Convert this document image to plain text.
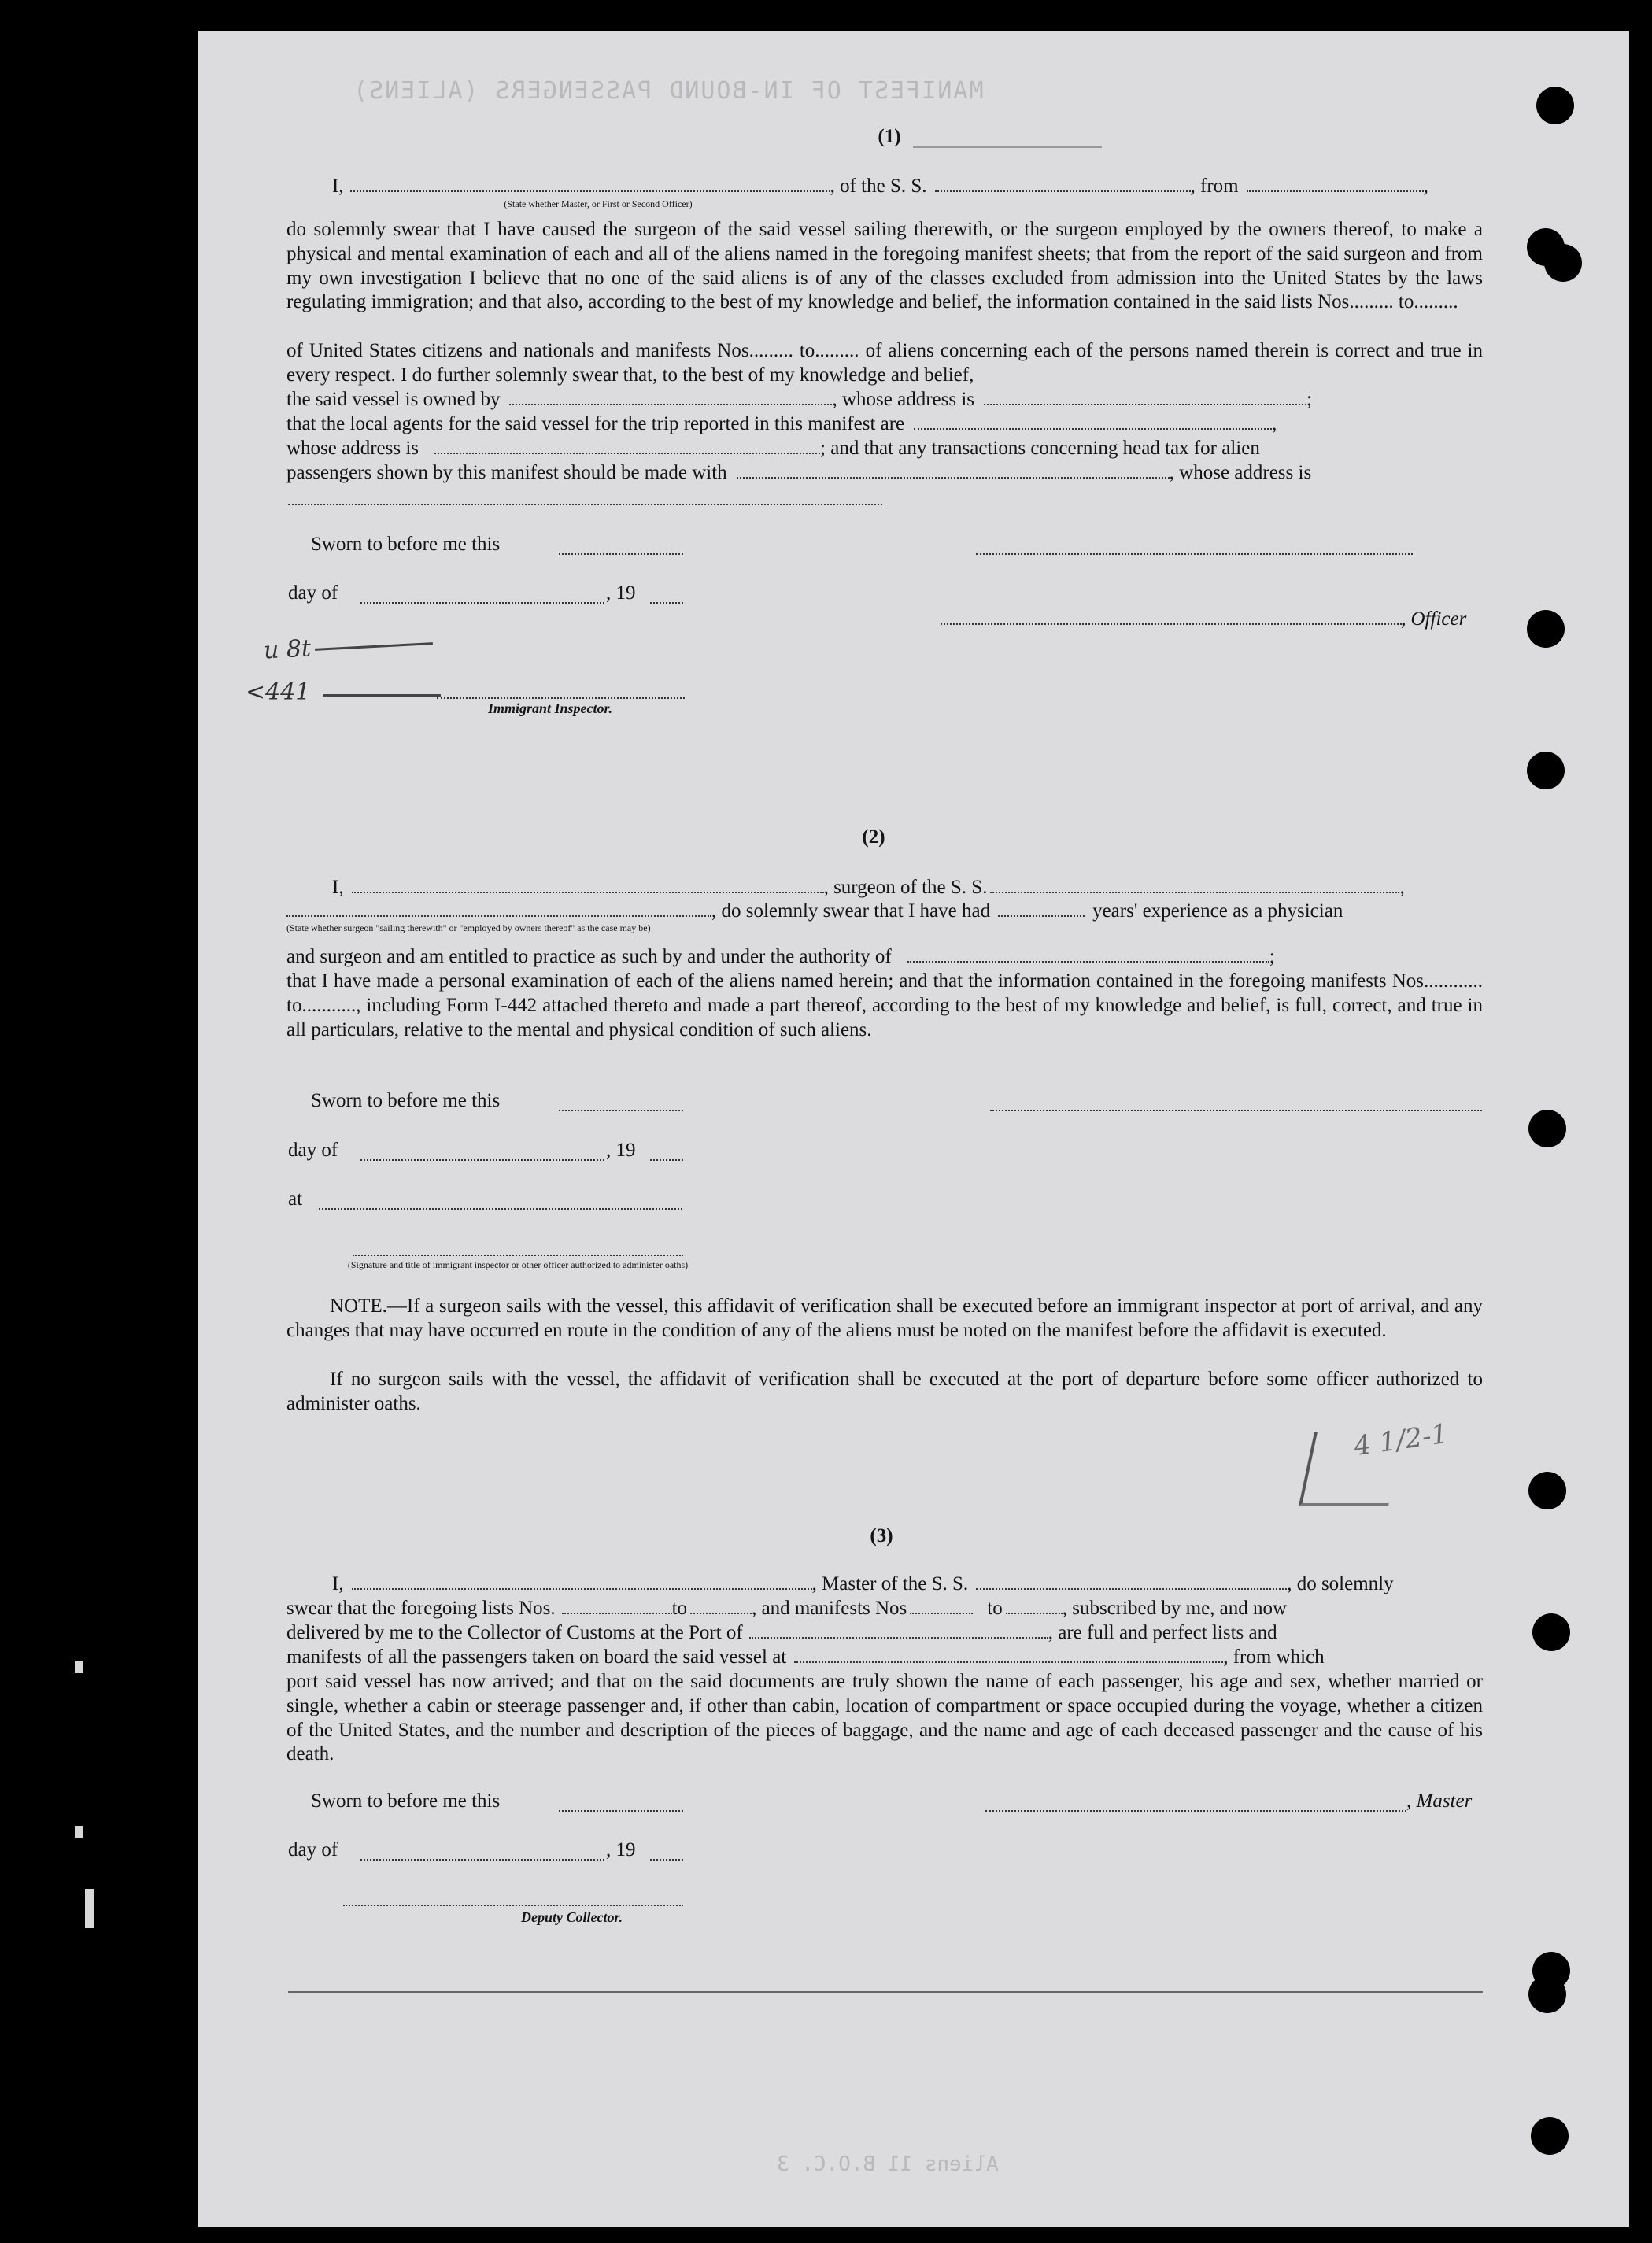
MANIFEST OF IN-BOUND PASSENGERS (ALIENS)
Aliens 11 B.O.C. 3
(1)
I,	, of the S. S.	, from	,
(State whether Master, or First or Second Officer)
do solemnly swear that I have caused the surgeon of the said vessel sailing therewith, or the surgeon employed by the owners thereof, to make a physical and mental examination of each and all of the aliens named in the foregoing manifest sheets; that from the report of the said surgeon and from my own investigation I believe that no one of the said aliens is of any of the classes excluded from admission into the United States by the laws regulating immigration; and that also, according to the best of my knowledge and belief, the information contained in the said lists Nos......... to.........
of United States citizens and nationals and manifests Nos......... to......... of aliens concerning each of the persons named therein is correct and true in every respect. I do further solemnly swear that, to the best of my knowledge and belief,
the said vessel is owned by	, whose address is	;
that the local agents for the said vessel for the trip reported in this manifest are	,
whose address is	; and that any transactions concerning head tax for alien
passengers shown by this manifest should be made with	, whose address is
Sworn to before me this
day of	, 19
, Officer
u 8t
<441
Immigrant Inspector.
(2)
I,	, surgeon of the S. S.	,
, do solemnly swear that I have had	years' experience as a physician
(State whether surgeon "sailing therewith" or "employed by owners thereof" as the case may be)
and surgeon and am entitled to practice as such by and under the authority of	;
that I have made a personal examination of each of the aliens named herein; and that the information contained in the foregoing manifests Nos............ to..........., including Form I-442 attached thereto and made a part thereof, according to the best of my knowledge and belief, is full, correct, and true in all particulars, relative to the mental and physical condition of such aliens.
Sworn to before me this
day of	, 19
at
(Signature and title of immigrant inspector or other officer authorized to administer oaths)
NOTE.—If a surgeon sails with the vessel, this affidavit of verification shall be executed before an immigrant inspector at port of arrival, and any changes that may have occurred en route in the condition of any of the aliens must be noted on the manifest before the affidavit is executed.
If no surgeon sails with the vessel, the affidavit of verification shall be executed at the port of departure before some officer authorized to administer oaths.
4 1/2-1
(3)
I,	, Master of the S. S.	, do solemnly
swear that the foregoing lists Nos.	to	, and manifests Nos	to	, subscribed by me, and now
delivered by me to the Collector of Customs at the Port of	, are full and perfect lists and
manifests of all the passengers taken on board the said vessel at	, from which
port said vessel has now arrived; and that on the said documents are truly shown the name of each passenger, his age and sex, whether married or single, whether a cabin or steerage passenger and, if other than cabin, location of compartment or space occupied during the voyage, whether a citizen of the United States, and the number and description of the pieces of baggage, and the name and age of each deceased passenger and the cause of his death.
Sworn to before me this	, Master
day of	, 19
Deputy Collector.
